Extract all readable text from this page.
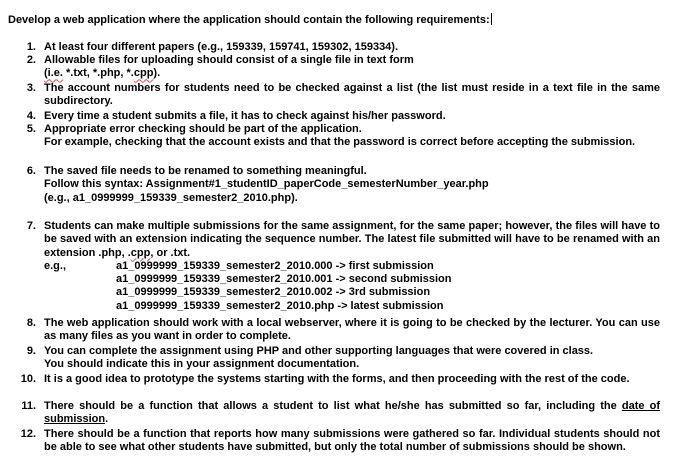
Develop a web application where the application should contain the following requirements:
1. At least four different papers (e.g., 159339, 159741, 159302, 159334).
2. Allowable files for uploading should consist of a single file in text form
(i.e. *.txt, *.php, *.cpp).
3. The account numbers for students need to be checked against a list (the list must reside in a text file in the same subdirectory.
4. Every time a student submits a file, it has to check against his/her password.
5. Appropriate error checking should be part of the application.
For example, checking that the account exists and that the password is correct before accepting the submission.
6. The saved file needs to be renamed to something meaningful.
Follow this syntax: Assignment#1_studentID_paperCode_semesterNumber_year.php
(e.g., a1_0999999_159339_semester2_2010.php).
7. Students can make multiple submissions for the same assignment, for the same paper; however, the files will have to be saved with an extension indicating the sequence number. The latest file submitted will have to be renamed with an extension .php, .cpp, or .txt.
e.g.,	a1_0999999_159339_semester2_2010.000 -> first submission
a1_0999999_159339_semester2_2010.001 -> second submission
a1_0999999_159339_semester2_2010.002 -> 3rd submission
a1_0999999_159339_semester2_2010.php -> latest submission
8. The web application should work with a local webserver, where it is going to be checked by the lecturer. You can use as many files as you want in order to complete.
9. You can complete the assignment using PHP and other supporting languages that were covered in class.
You should indicate this in your assignment documentation.
10. It is a good idea to prototype the systems starting with the forms, and then proceeding with the rest of the code.
11. There should be a function that allows a student to list what he/she has submitted so far, including the date of submission.
12. There should be a function that reports how many submissions were gathered so far. Individual students should not be able to see what other students have submitted, but only the total number of submissions should be shown.
